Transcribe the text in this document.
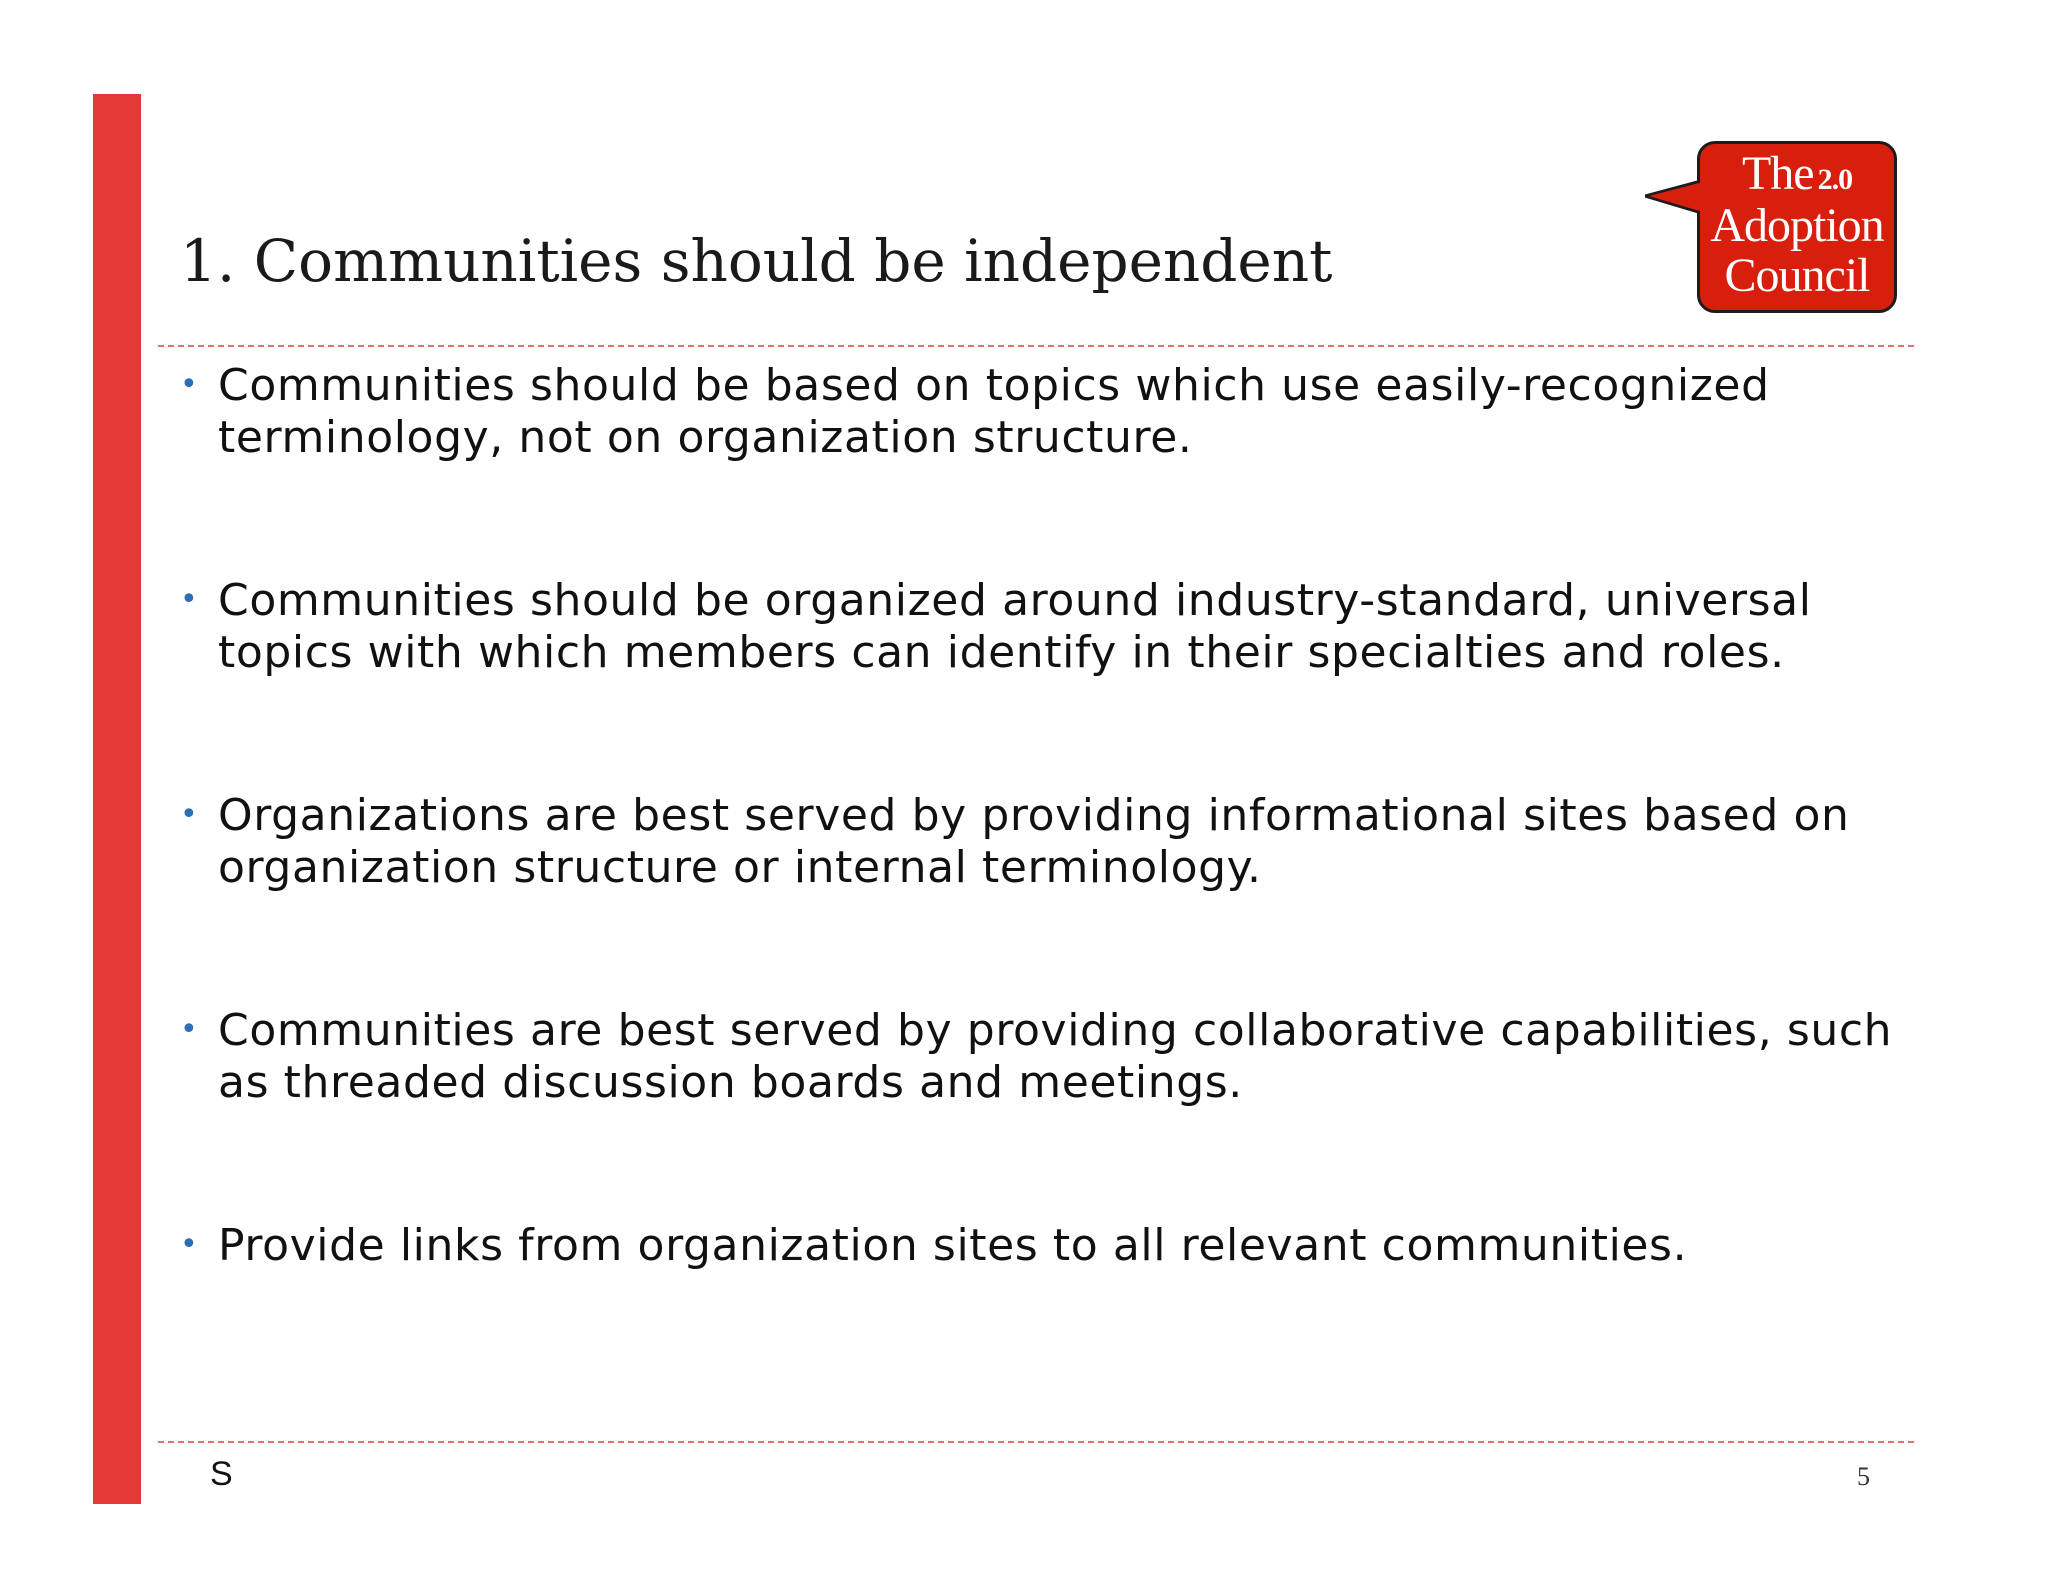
1. Communities should be independent
The 2.0
Adoption
Council
• Communities should be based on topics which use easily-recognized terminology, not on organization structure.
• Communities should be organized around industry-standard, universal topics with which members can identify in their specialties and roles.
• Organizations are best served by providing informational sites based on organization structure or internal terminology.
• Communities are best served by providing collaborative capabilities, such as threaded discussion boards and meetings.
• Provide links from organization sites to all relevant communities.
S	5
